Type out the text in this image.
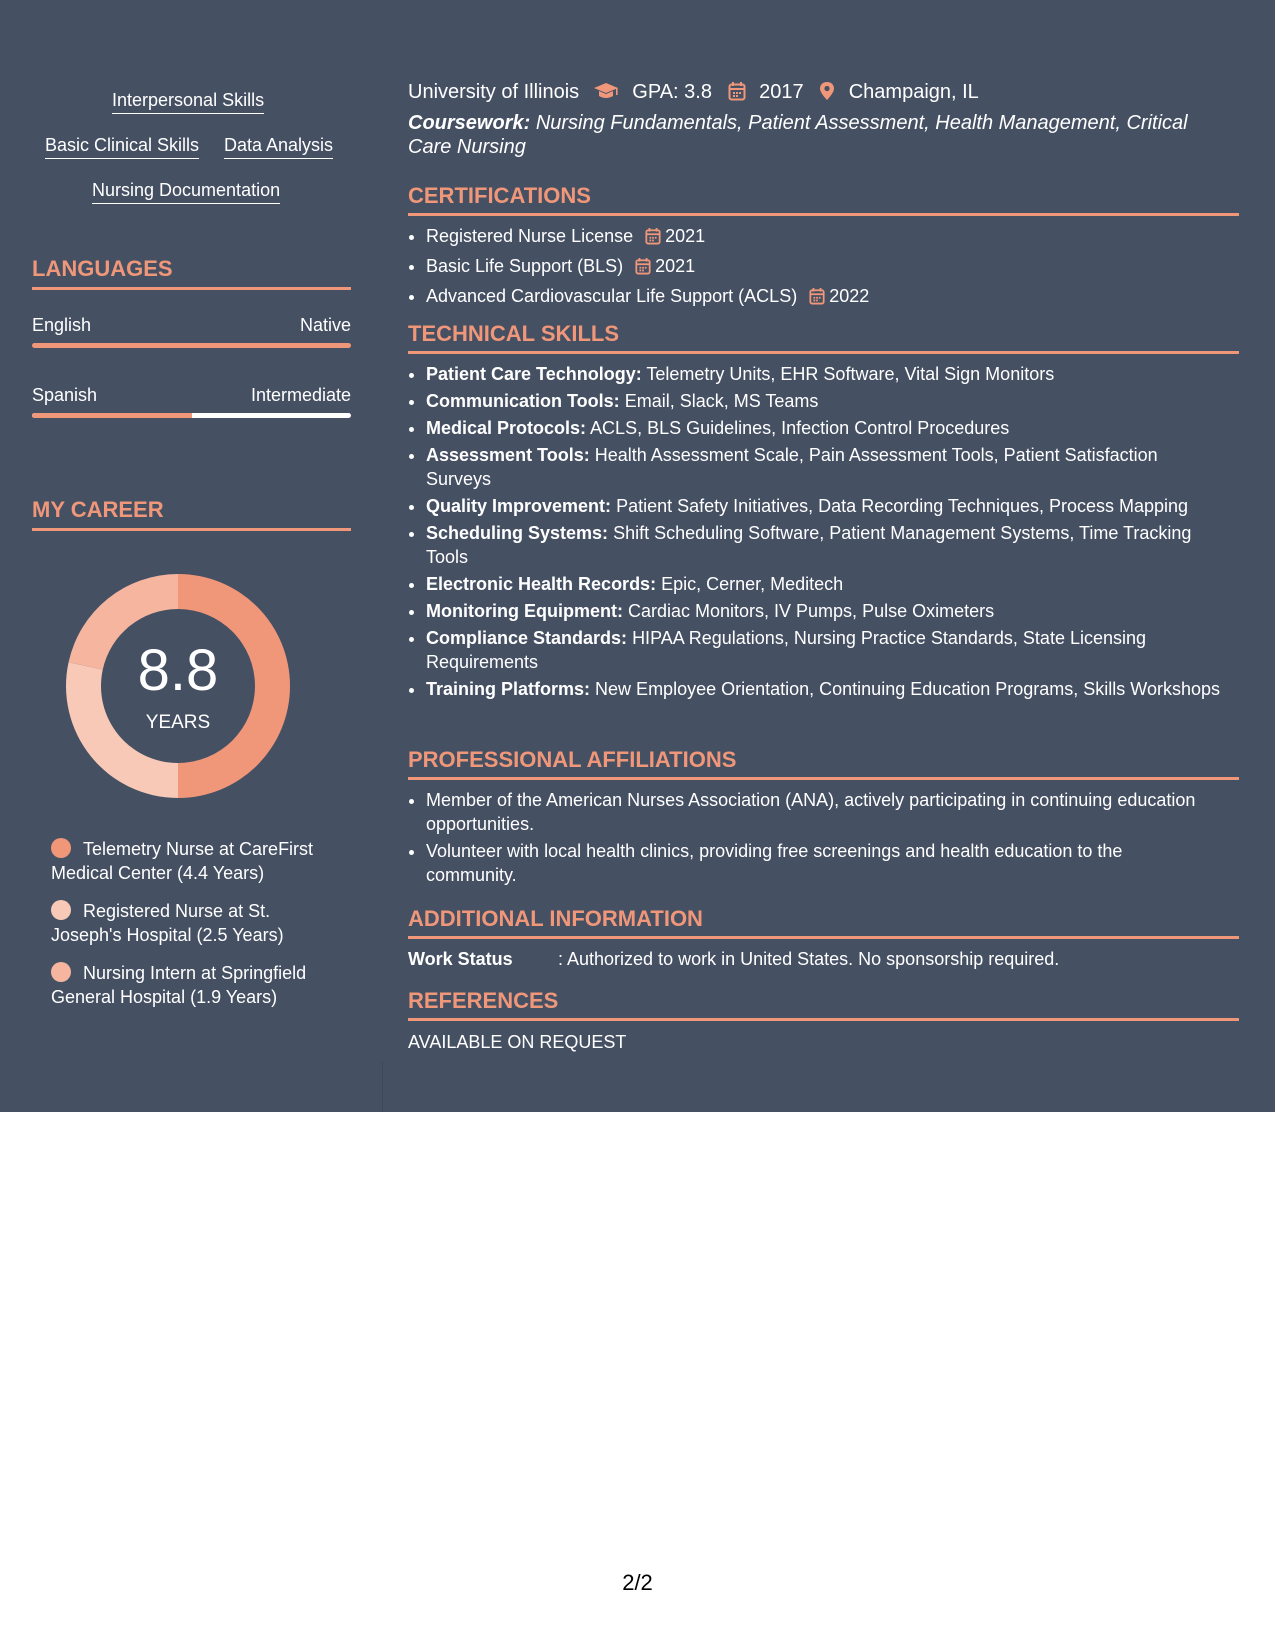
Interpersonal Skills
Basic Clinical Skills Data Analysis
Nursing Documentation
LANGUAGES
English	Native
Spanish	Intermediate
MY CAREER
8.8
YEARS
Telemetry Nurse at CareFirst Medical Center (4.4 Years)
Registered Nurse at St. Joseph's Hospital (2.5 Years)
Nursing Intern at Springfield General Hospital (1.9 Years)
University of Illinois	GPA: 3.8 2017 Champaign, IL
Coursework: Nursing Fundamentals, Patient Assessment, Health Management, Critical Care Nursing
CERTIFICATIONS
• Registered Nurse License 2021
• Basic Life Support (BLS) 2021
• Advanced Cardiovascular Life Support (ACLS) 2022
TECHNICAL SKILLS
• Patient Care Technology: Telemetry Units, EHR Software, Vital Sign Monitors
• Communication Tools: Email, Slack, MS Teams
• Medical Protocols: ACLS, BLS Guidelines, Infection Control Procedures
• Assessment Tools: Health Assessment Scale, Pain Assessment Tools, Patient Satisfaction Surveys
• Quality Improvement: Patient Safety Initiatives, Data Recording Techniques, Process Mapping
• Scheduling Systems: Shift Scheduling Software, Patient Management Systems, Time Tracking Tools
• Electronic Health Records: Epic, Cerner, Meditech
• Monitoring Equipment: Cardiac Monitors, IV Pumps, Pulse Oximeters
• Compliance Standards: HIPAA Regulations, Nursing Practice Standards, State Licensing Requirements
• Training Platforms: New Employee Orientation, Continuing Education Programs, Skills Workshops
PROFESSIONAL AFFILIATIONS
• Member of the American Nurses Association (ANA), actively participating in continuing education opportunities.
• Volunteer with local health clinics, providing free screenings and health education to the community.
ADDITIONAL INFORMATION
Work Status	: Authorized to work in United States. No sponsorship required.
REFERENCES
AVAILABLE ON REQUEST
2/2
